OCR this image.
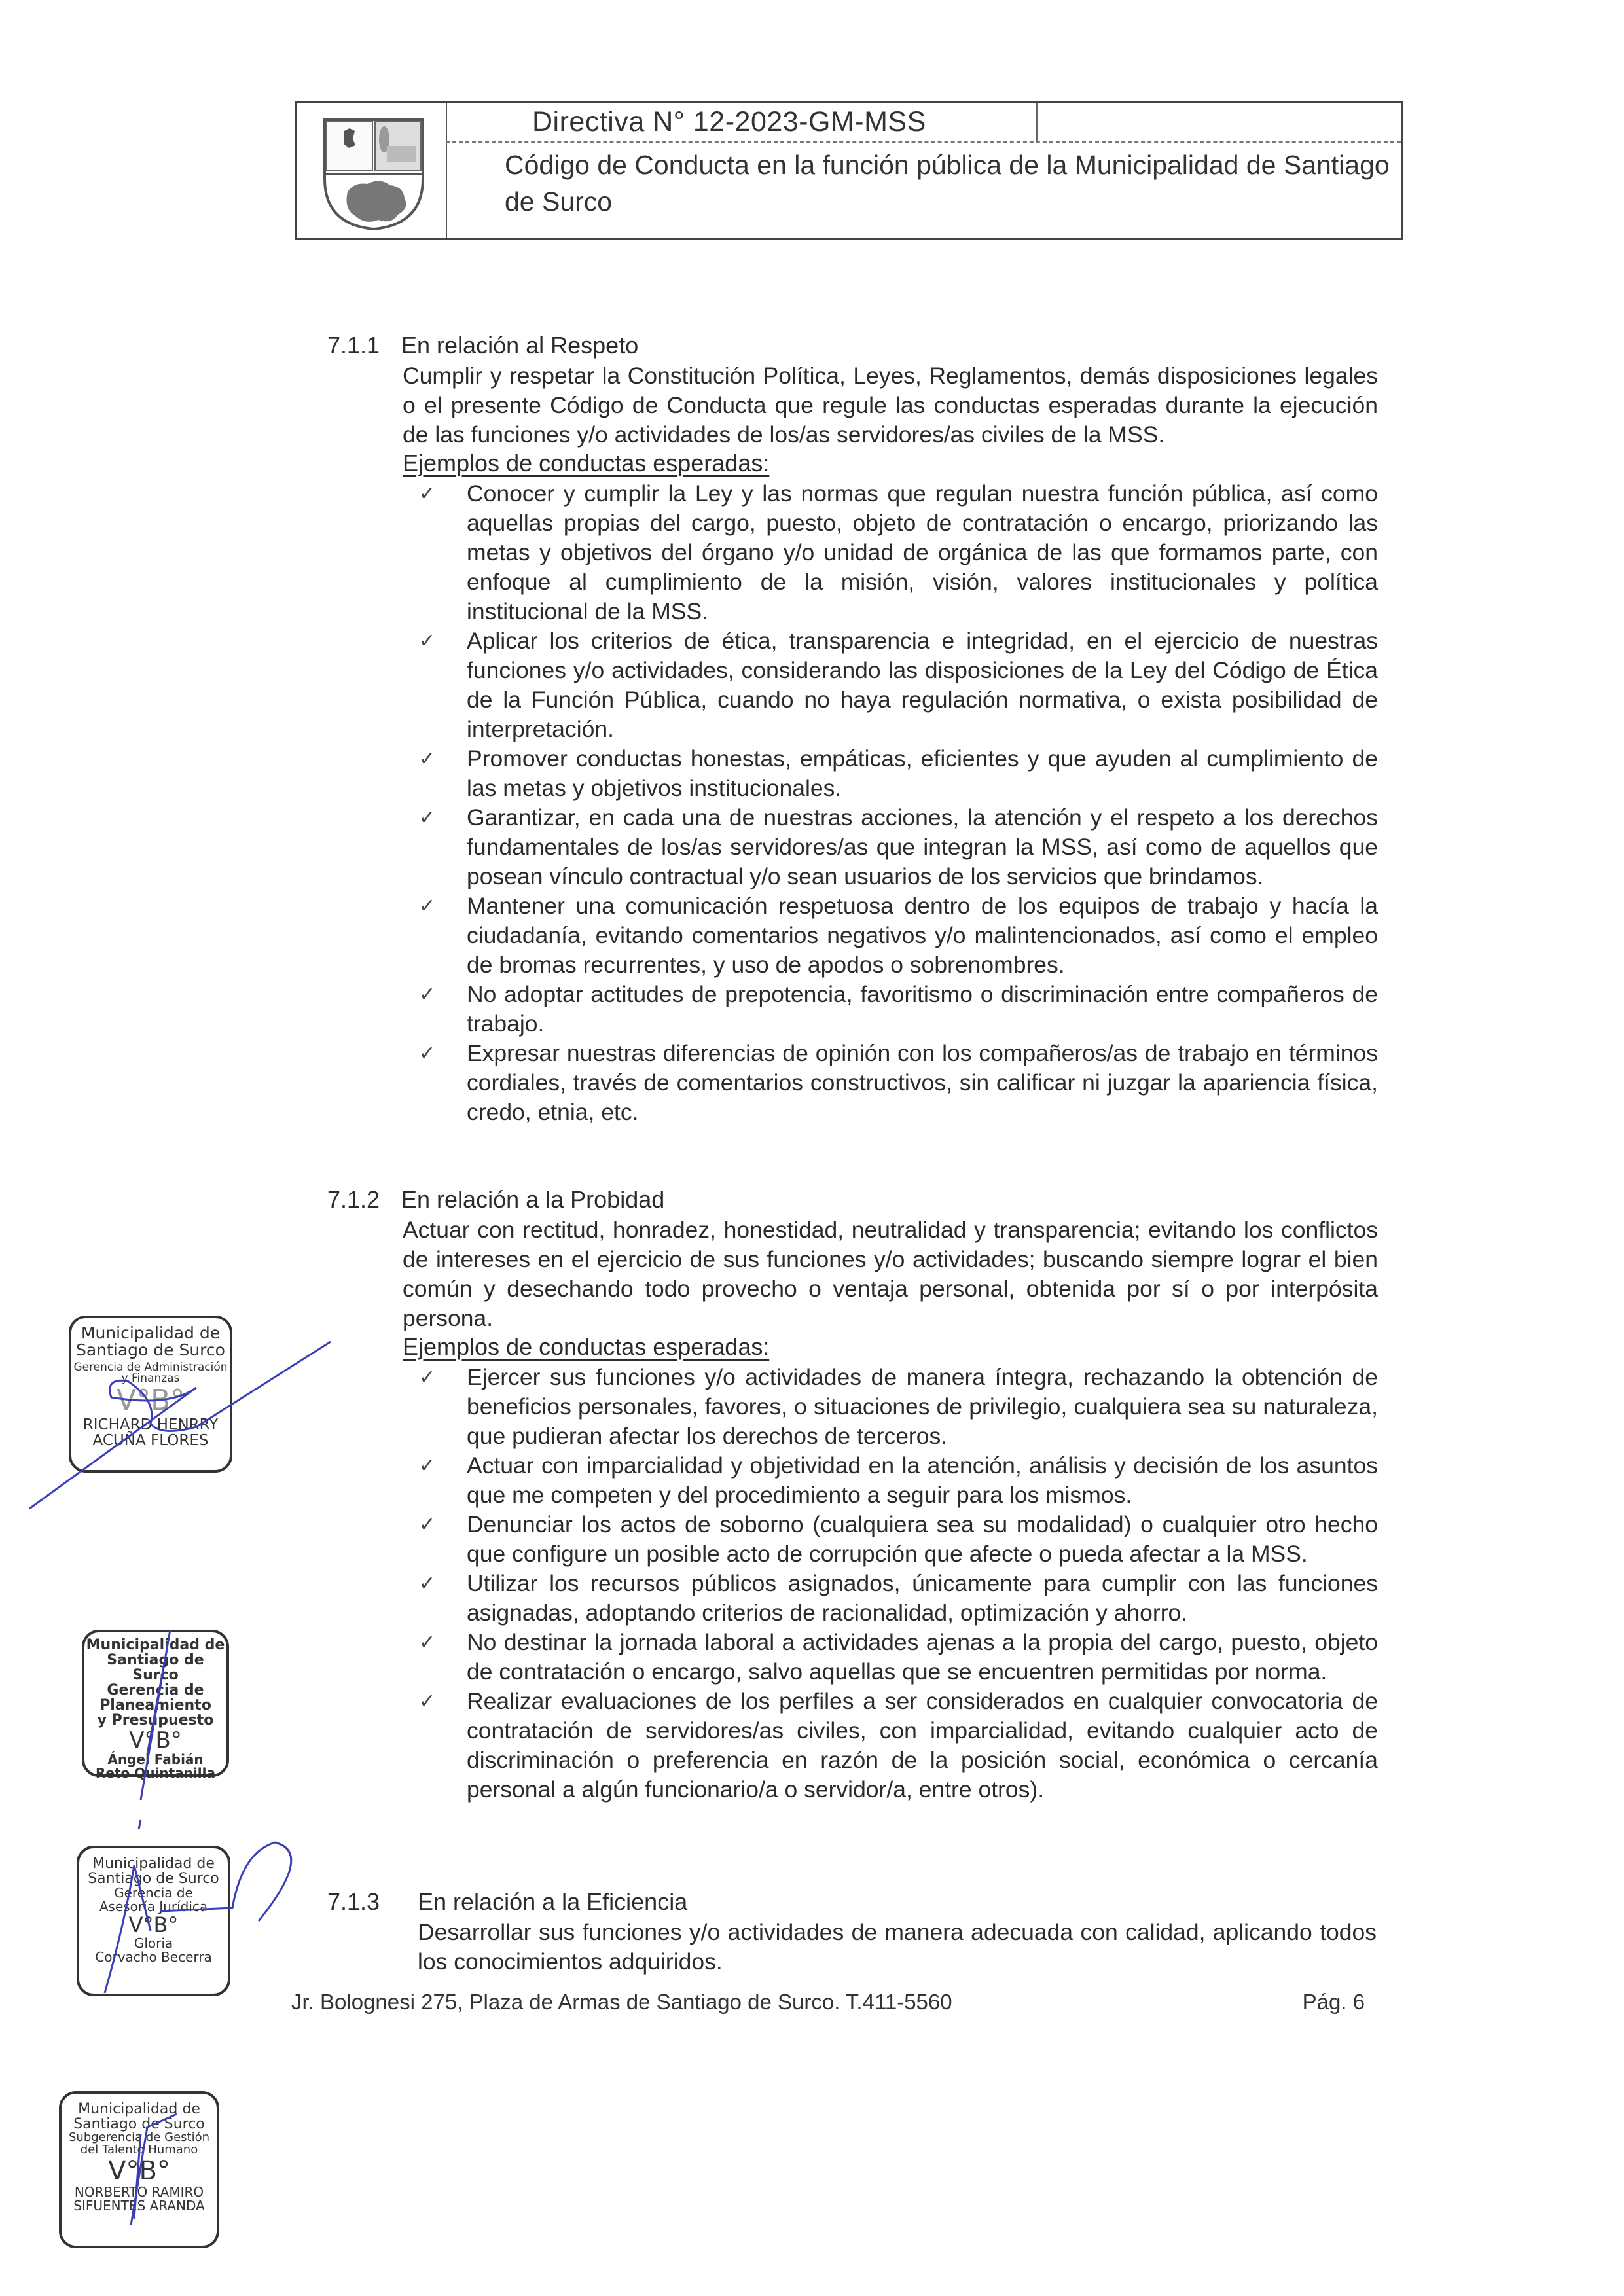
Directiva N° 12-2023-GM-MSS
Código de Conducta en la función pública de la Municipalidad de Santiago de Surco
7.1.1 En relación al Respeto
Cumplir y respetar la Constitución Política, Leyes, Reglamentos, demás disposiciones legales o el presente Código de Conducta que regule las conductas esperadas durante la ejecución de las funciones y/o actividades de los/as servidores/as civiles de la MSS.
Ejemplos de conductas esperadas:
✓ Conocer y cumplir la Ley y las normas que regulan nuestra función pública, así como aquellas propias del cargo, puesto, objeto de contratación o encargo, priorizando las metas y objetivos del órgano y/o unidad de orgánica de las que formamos parte, con enfoque al cumplimiento de la misión, visión, valores institucionales y política institucional de la MSS.
✓ Aplicar los criterios de ética, transparencia e integridad, en el ejercicio de nuestras funciones y/o actividades, considerando las disposiciones de la Ley del Código de Ética de la Función Pública, cuando no haya regulación normativa, o exista posibilidad de interpretación.
✓ Promover conductas honestas, empáticas, eficientes y que ayuden al cumplimiento de las metas y objetivos institucionales.
✓ Garantizar, en cada una de nuestras acciones, la atención y el respeto a los derechos fundamentales de los/as servidores/as que integran la MSS, así como de aquellos que posean vínculo contractual y/o sean usuarios de los servicios que brindamos.
✓ Mantener una comunicación respetuosa dentro de los equipos de trabajo y hacía la ciudadanía, evitando comentarios negativos y/o malintencionados, así como el empleo de bromas recurrentes, y uso de apodos o sobrenombres.
✓ No adoptar actitudes de prepotencia, favoritismo o discriminación entre compañeros de trabajo.
✓ Expresar nuestras diferencias de opinión con los compañeros/as de trabajo en términos cordiales, través de comentarios constructivos, sin calificar ni juzgar la apariencia física, credo, etnia, etc.
7.1.2 En relación a la Probidad
Actuar con rectitud, honradez, honestidad, neutralidad y transparencia; evitando los conflictos de intereses en el ejercicio de sus funciones y/o actividades; buscando siempre lograr el bien común y desechando todo provecho o ventaja personal, obtenida por sí o por interpósita persona.
Ejemplos de conductas esperadas:
✓ Ejercer sus funciones y/o actividades de manera íntegra, rechazando la obtención de beneficios personales, favores, o situaciones de privilegio, cualquiera sea su naturaleza, que pudieran afectar los derechos de terceros.
✓ Actuar con imparcialidad y objetividad en la atención, análisis y decisión de los asuntos que me competen y del procedimiento a seguir para los mismos.
✓ Denunciar los actos de soborno (cualquiera sea su modalidad) o cualquier otro hecho que configure un posible acto de corrupción que afecte o pueda afectar a la MSS.
✓ Utilizar los recursos públicos asignados, únicamente para cumplir con las funciones asignadas, adoptando criterios de racionalidad, optimización y ahorro.
✓ No destinar la jornada laboral a actividades ajenas a la propia del cargo, puesto, objeto de contratación o encargo, salvo aquellas que se encuentren permitidas por norma.
✓ Realizar evaluaciones de los perfiles a ser considerados en cualquier convocatoria de contratación de servidores/as civiles, con imparcialidad, evitando cualquier acto de discriminación o preferencia en razón de la posición social, económica o cercanía personal a algún funcionario/a o servidor/a, entre otros).
7.1.3 En relación a la Eficiencia
Desarrollar sus funciones y/o actividades de manera adecuada con calidad, aplicando todos los conocimientos adquiridos.
Jr. Bolognesi 275, Plaza de Armas de Santiago de Surco. T.411-5560	Pág. 6
Municipalidad de
Santiago de Surco
Gerencia de Administración
y Finanzas
V°B°
RICHARD HENRRY
ACUÑA FLORES
Municipalidad de
Santiago de Surco
Gerencia de
Planeamiento
y Presupuesto
V°B°
Ángel Fabián
Reto Quintanilla
Municipalidad de
Santiago de Surco
Gerencia de
Asesoría Jurídica
V°B°
Gloria
Corvacho Becerra
Municipalidad de
Santiago de Surco
Subgerencia de Gestión
del Talento Humano
V°B°
NORBERTO RAMIRO
SIFUENTES ARANDA
